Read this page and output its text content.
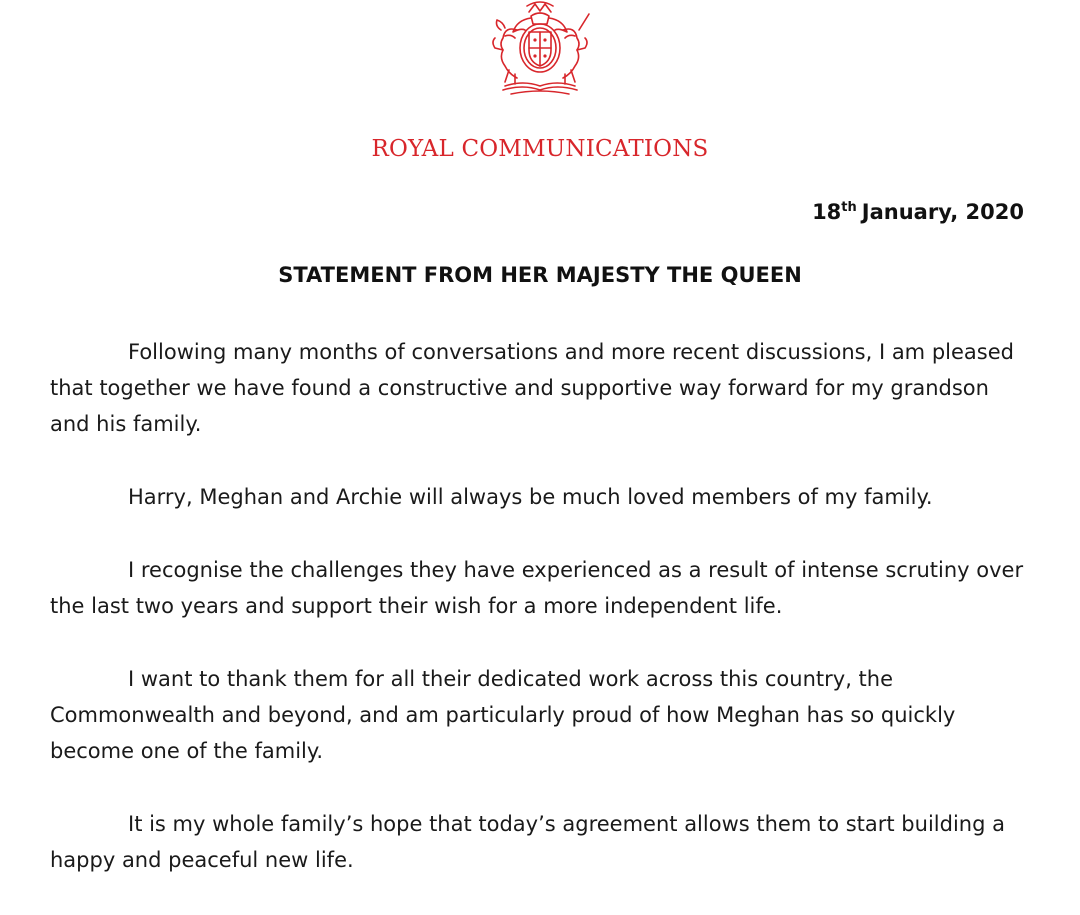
ROYAL COMMUNICATIONS
18th January, 2020
STATEMENT FROM HER MAJESTY THE QUEEN

Following many months of conversations and more recent discussions, I am pleased that together we have found a constructive and supportive way forward for my grandson and his family.

Harry, Meghan and Archie will always be much loved members of my family.

I recognise the challenges they have experienced as a result of intense scrutiny over the last two years and support their wish for a more independent life.

I want to thank them for all their dedicated work across this country, the Commonwealth and beyond, and am particularly proud of how Meghan has so quickly become one of the family.

It is my whole family’s hope that today’s agreement allows them to start building a happy and peaceful new life.
